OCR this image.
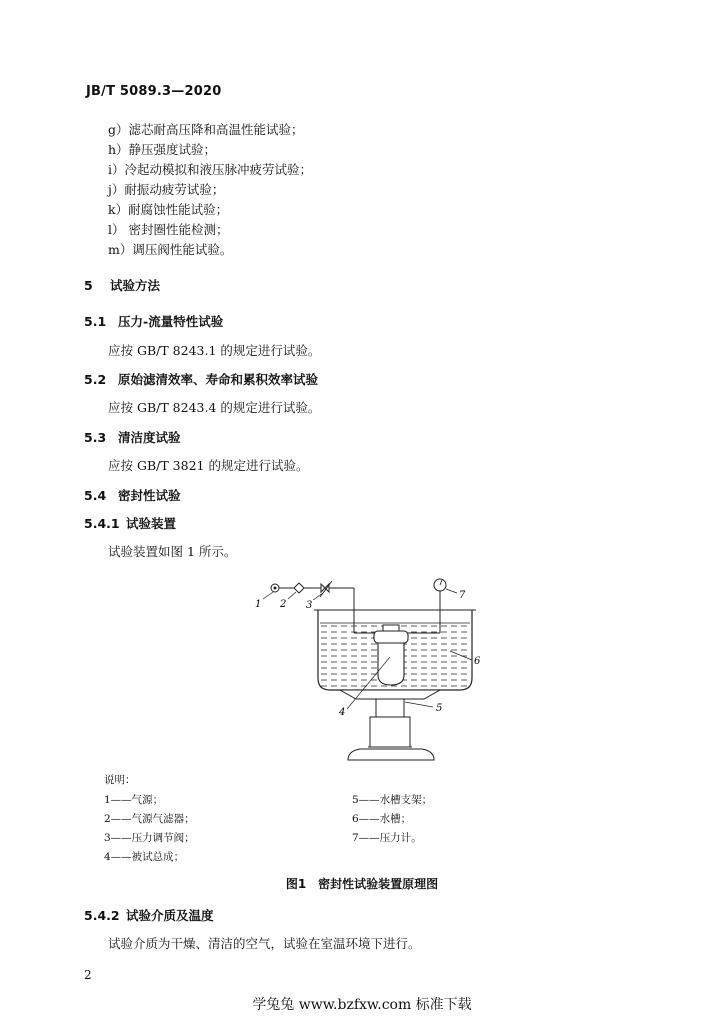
JB/T 5089.3—2020
g）滤芯耐高压降和高温性能试验；
h）静压强度试验；
i）冷起动模拟和液压脉冲疲劳试验；
j）耐振动疲劳试验；
k）耐腐蚀性能试验；
l） 密封圈性能检测；
m）调压阀性能试验。
5 试验方法
5.1 压力-流量特性试验
应按 GB/T 8243.1 的规定进行试验。
5.2 原始滤清效率、寿命和累积效率试验
应按 GB/T 8243.4 的规定进行试验。
5.3 清洁度试验
应按 GB/T 3821 的规定进行试验。
5.4 密封性试验
5.4.1 试验装置
试验装置如图 1 所示。
1 2 3
4	5
6
7
说明：
1——气源；
2——气源气滤器；
3——压力调节阀；
4——被试总成；
5——水槽支架；
6——水槽；
7——压力计。
图1　密封性试验装置原理图
5.4.2 试验介质及温度
试验介质为干燥、清洁的空气，试验在室温环境下进行。
2
学兔兔 www.bzfxw.com 标准下载
